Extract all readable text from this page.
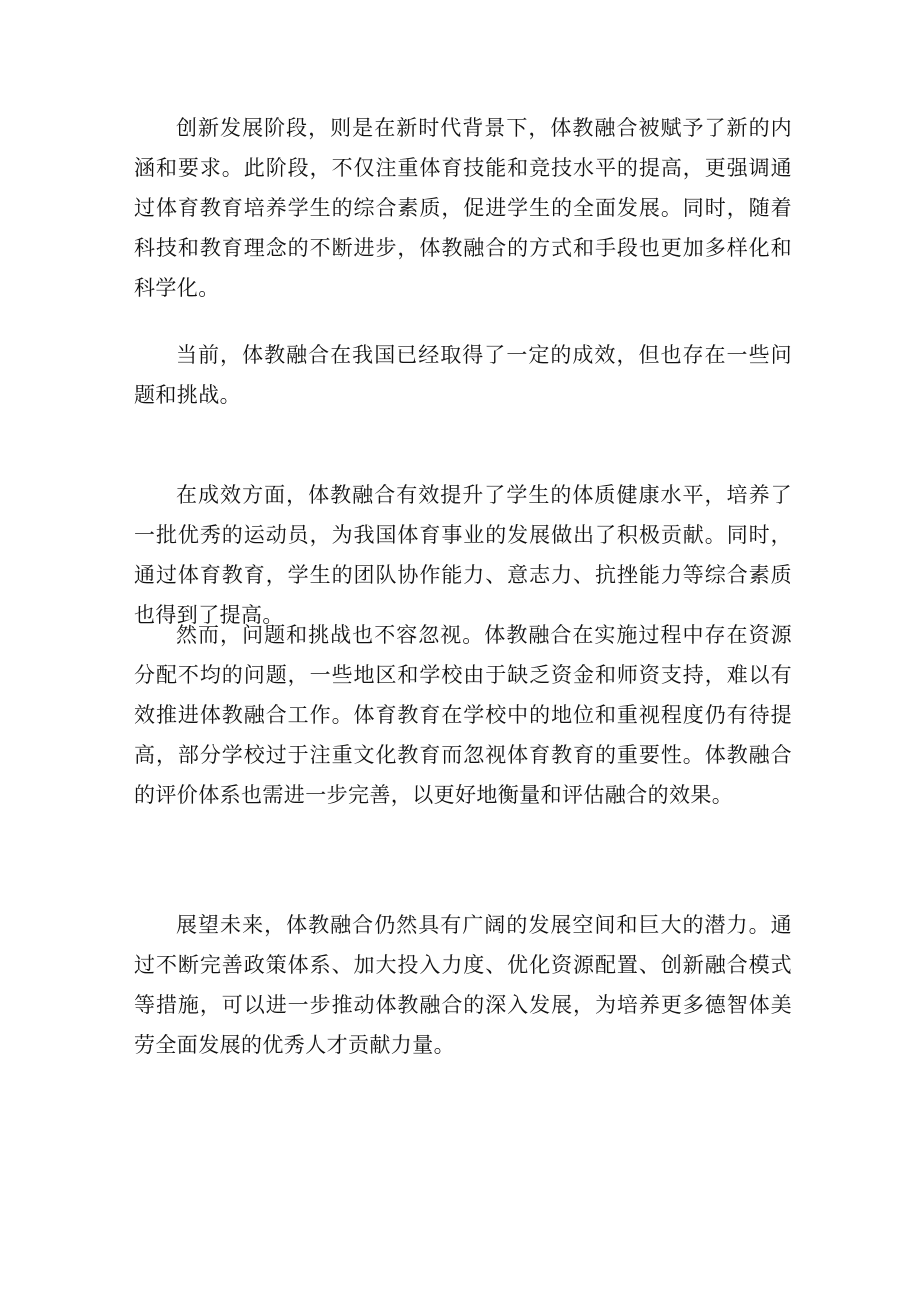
创新发展阶段，则是在新时代背景下，体教融合被赋予了新的内涵和要求。此阶段，不仅注重体育技能和竞技水平的提高，更强调通过体育教育培养学生的综合素质，促进学生的全面发展。同时，随着科技和教育理念的不断进步，体教融合的方式和手段也更加多样化和科学化。

当前，体教融合在我国已经取得了一定的成效，但也存在一些问题和挑战。

在成效方面，体教融合有效提升了学生的体质健康水平，培养了一批优秀的运动员，为我国体育事业的发展做出了积极贡献。同时，通过体育教育，学生的团队协作能力、意志力、抗挫能力等综合素质也得到了提高。

然而，问题和挑战也不容忽视。体教融合在实施过程中存在资源分配不均的问题，一些地区和学校由于缺乏资金和师资支持，难以有效推进体教融合工作。体育教育在学校中的地位和重视程度仍有待提高，部分学校过于注重文化教育而忽视体育教育的重要性。体教融合的评价体系也需进一步完善，以更好地衡量和评估融合的效果。

展望未来，体教融合仍然具有广阔的发展空间和巨大的潜力。通过不断完善政策体系、加大投入力度、优化资源配置、创新融合模式等措施，可以进一步推动体教融合的深入发展，为培养更多德智体美劳全面发展的优秀人才贡献力量。
